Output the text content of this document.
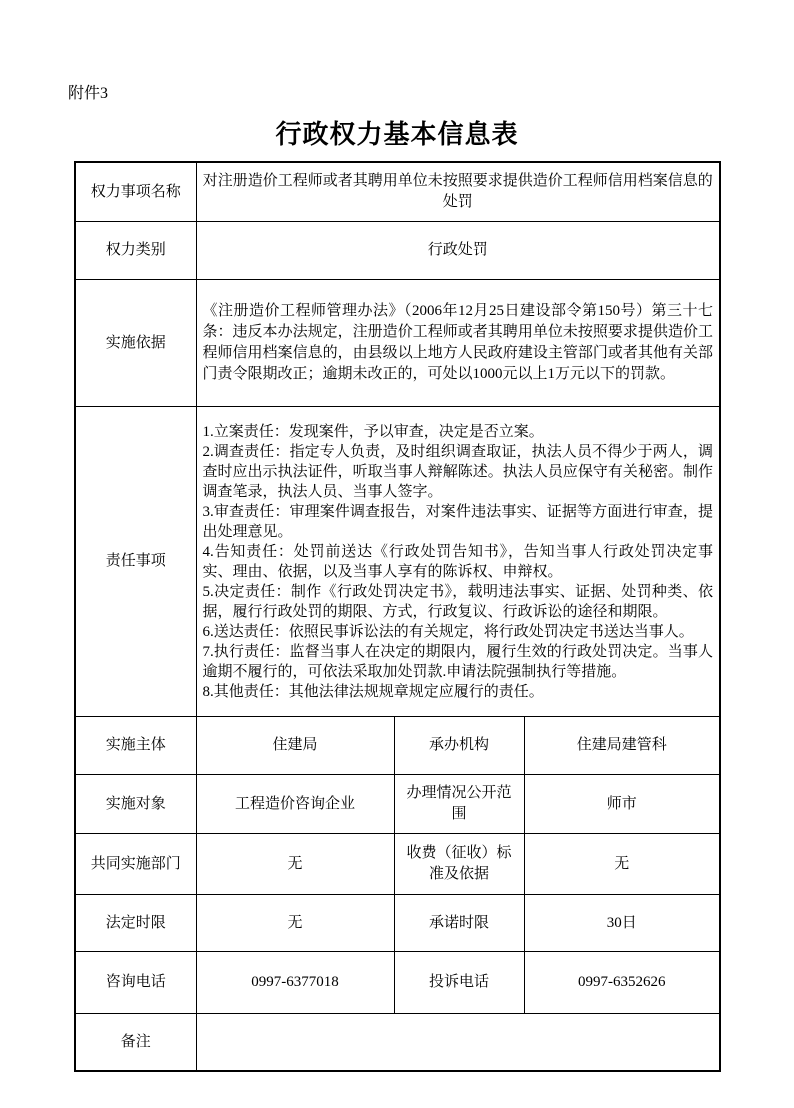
附件3
行政权力基本信息表
权力事项名称	对注册造价工程师或者其聘用单位未按照要求提供造价工程师信用档案信息的处罚		
权力类别	行政处罚		
实施依据	《注册造价工程师管理办法》（2006年12月25日建设部令第150号）第三十七条：违反本办法规定，注册造价工程师或者其聘用单位未按照要求提供造价工程师信用档案信息的，由县级以上地方人民政府建设主管部门或者其他有关部门责令限期改正；逾期未改正的，可处以1000元以上1万元以下的罚款。		
责任事项	

1.立案责任：发现案件，予以审查，决定是否立案。

2.调查责任：指定专人负责，及时组织调查取证，执法人员不得少于两人，调查时应出示执法证件，听取当事人辩解陈述。执法人员应保守有关秘密。制作调查笔录，执法人员、当事人签字。

3.审查责任：审理案件调查报告，对案件违法事实、证据等方面进行审查，提出处理意见。

4.告知责任：处罚前送达《行政处罚告知书》，告知当事人行政处罚决定事实、理由、依据，以及当事人享有的陈诉权、申辩权。

5.决定责任：制作《行政处罚决定书》，载明违法事实、证据、处罚种类、依据，履行行政处罚的期限、方式，行政复议、行政诉讼的途径和期限。

6.送达责任：依照民事诉讼法的有关规定，将行政处罚决定书送达当事人。

7.执行责任：监督当事人在决定的期限内，履行生效的行政处罚决定。当事人逾期不履行的，可依法采取加处罚款.申请法院强制执行等措施。

8.其他责任：其他法律法规规章规定应履行的责任。

实施主体	住建局	承办机构	住建局建管科
实施对象	工程造价咨询企业	办理情况公开范围	师市
共同实施部门	无	收费（征收）标准及依据	无
法定时限	无	承诺时限	30日
咨询电话	0997-6377018	投诉电话	0997-6352626
备注			
